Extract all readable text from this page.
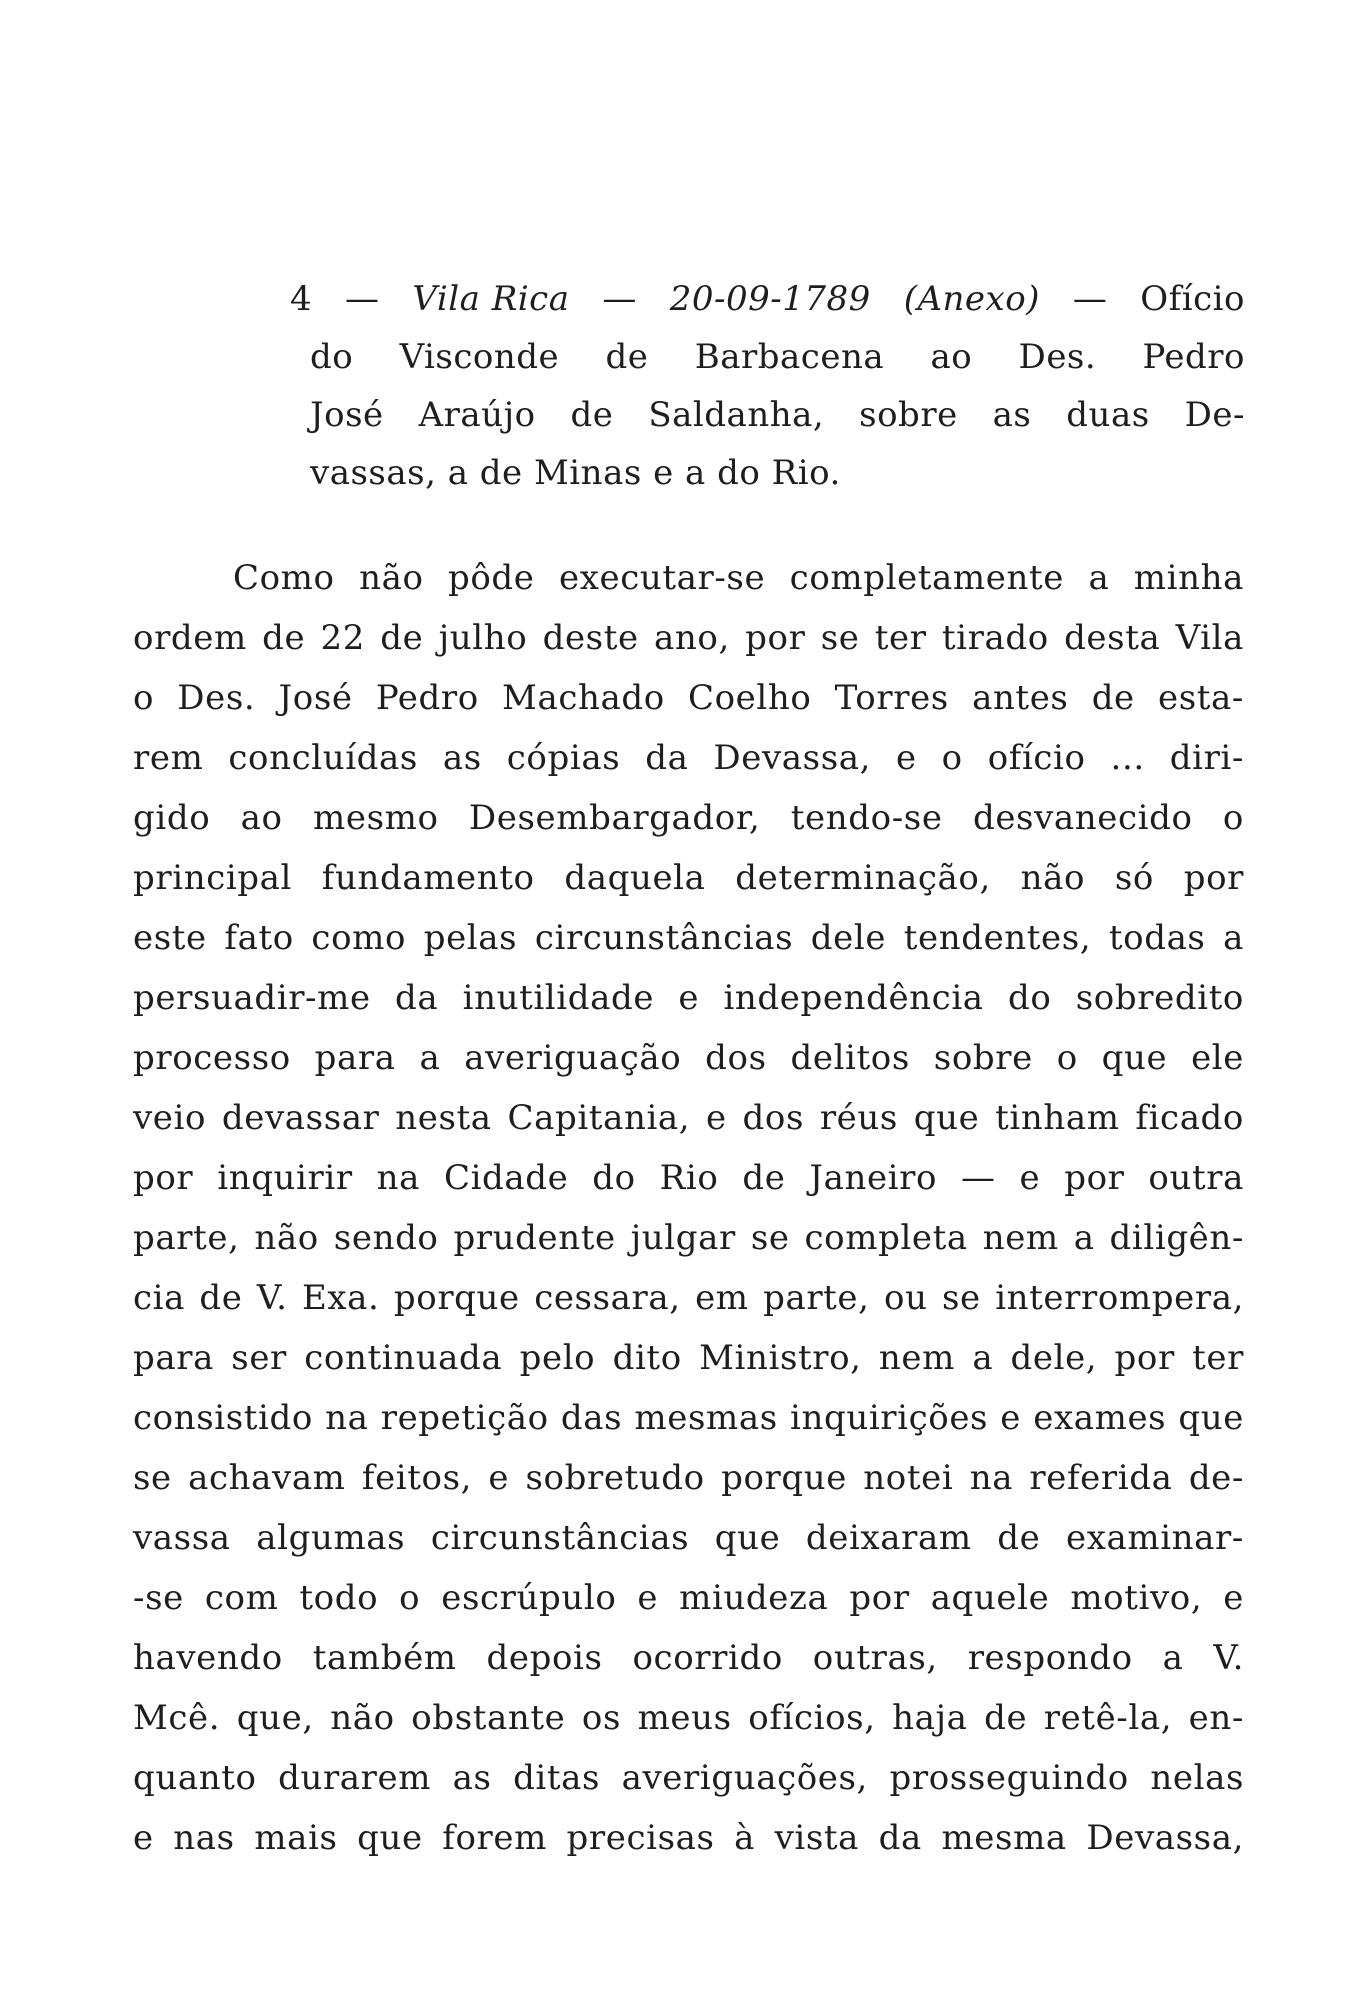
4 — Vila Rica — 20-09-1789 (Anexo) — Ofício
do Visconde de Barbacena ao Des. Pedro
José Araújo de Saldanha, sobre as duas De-
vassas, a de Minas e a do Rio.
Como não pôde executar-se completamente a minha
ordem de 22 de julho deste ano, por se ter tirado desta Vila
o Des. José Pedro Machado Coelho Torres antes de esta-
rem concluídas as cópias da Devassa, e o ofício ... diri-
gido ao mesmo Desembargador, tendo-se desvanecido o
principal fundamento daquela determinação, não só por
este fato como pelas circunstâncias dele tendentes, todas a
persuadir-me da inutilidade e independência do sobredito
processo para a averiguação dos delitos sobre o que ele
veio devassar nesta Capitania, e dos réus que tinham ficado
por inquirir na Cidade do Rio de Janeiro — e por outra
parte, não sendo prudente julgar se completa nem a diligên-
cia de V. Exa. porque cessara, em parte, ou se interrompera,
para ser continuada pelo dito Ministro, nem a dele, por ter
consistido na repetição das mesmas inquirições e exames que
se achavam feitos, e sobretudo porque notei na referida de-
vassa algumas circunstâncias que deixaram de examinar-
-se com todo o escrúpulo e miudeza por aquele motivo, e
havendo também depois ocorrido outras, respondo a V.
Mcê. que, não obstante os meus ofícios, haja de retê-la, en-
quanto durarem as ditas averiguações, prosseguindo nelas
e nas mais que forem precisas à vista da mesma Devassa,
